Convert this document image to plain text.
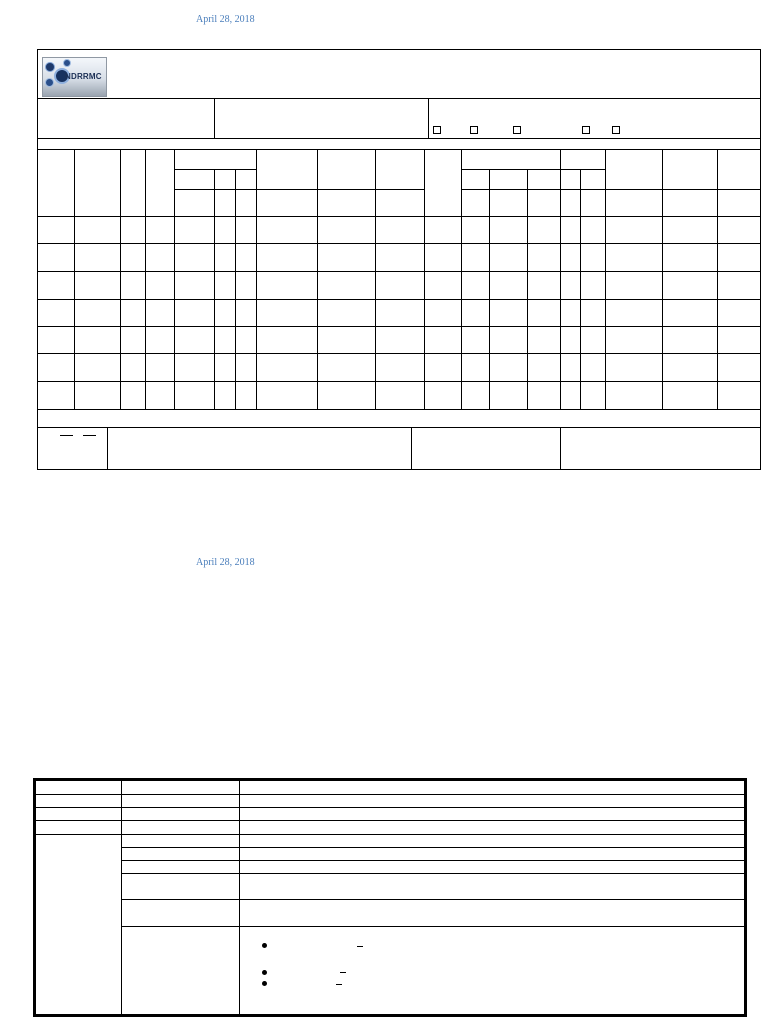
April 28, 2018
NDRRMC
April 28, 2018
